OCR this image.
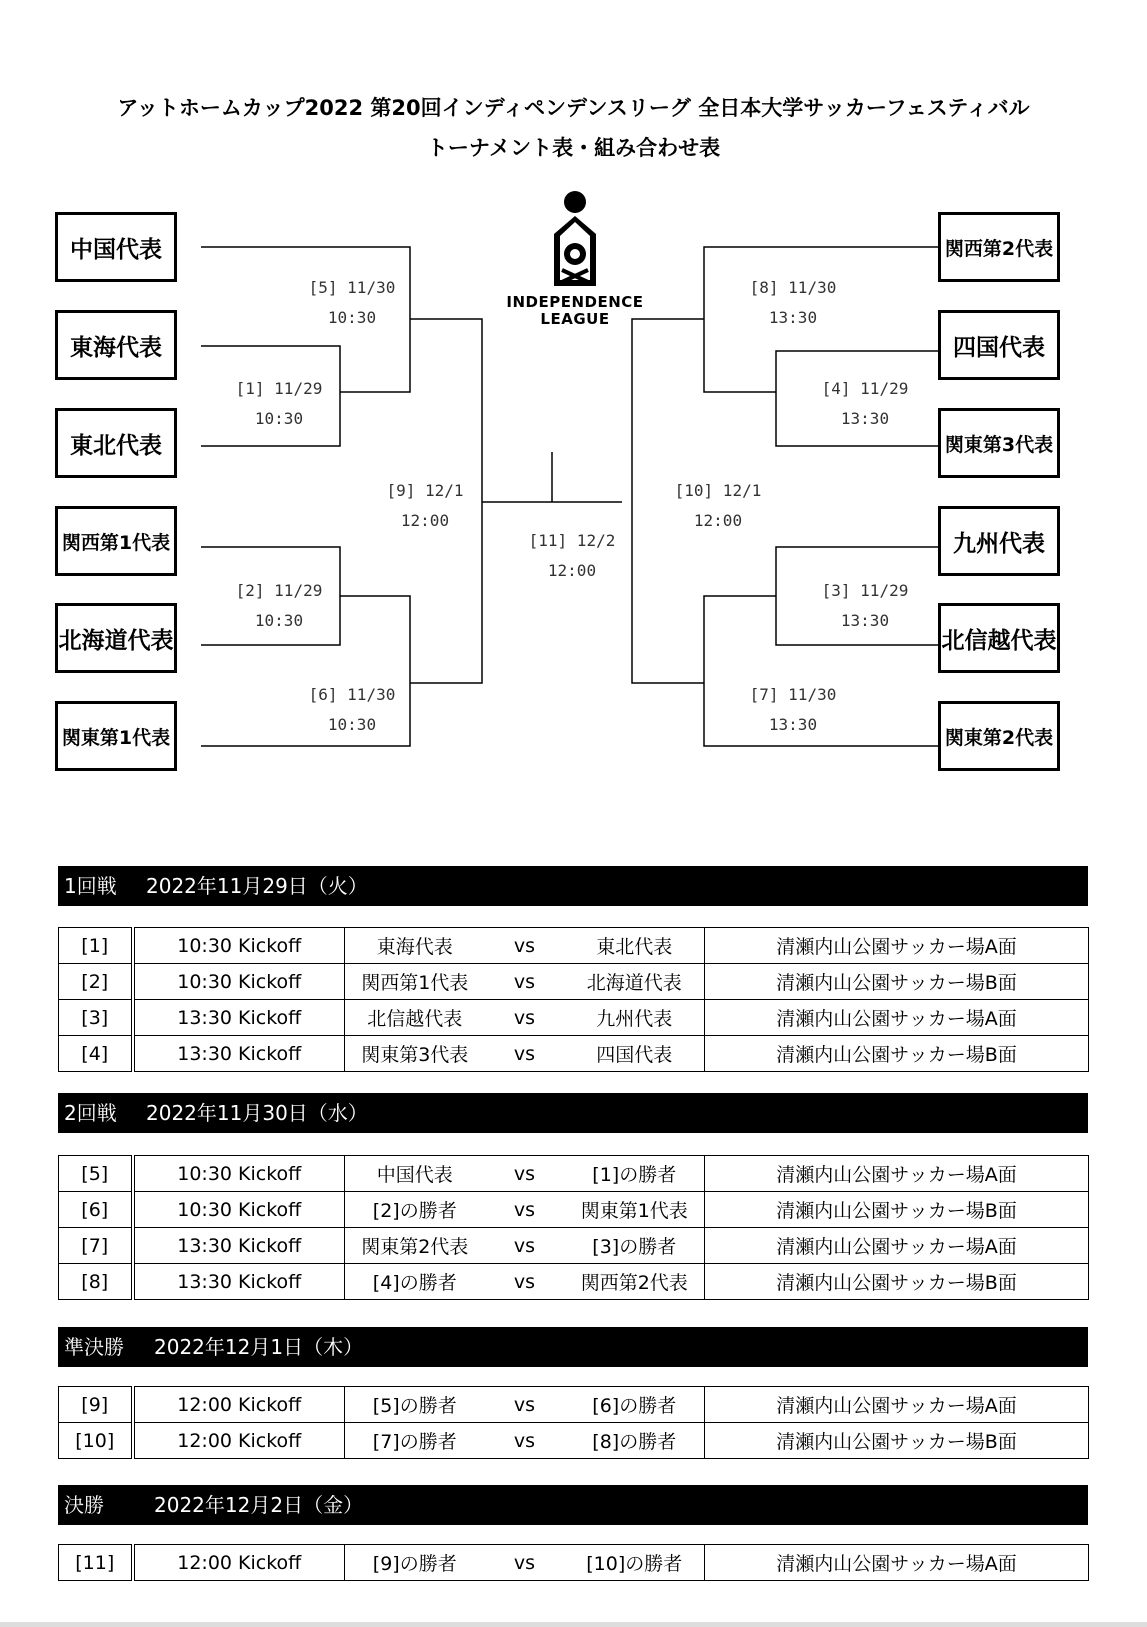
アットホームカップ2022 第20回インディペンデンスリーグ 全日本大学サッカーフェスティバル
トーナメント表・組み合わせ表
INDEPENDENCE
LEAGUE
中国代表
東海代表
東北代表
関西第1代表
北海道代表
関東第1代表
関西第2代表
四国代表
関東第3代表
九州代表
北信越代表
関東第2代表
[5] 11/30
10:30
[1] 11/29
10:30
[2] 11/29
10:30
[6] 11/30
10:30
[9] 12/1
12:00
[11] 12/2
12:00
[10] 12/1
12:00
[8] 11/30
13:30
[4] 11/29
13:30
[3] 11/29
13:30
[7] 11/30
13:30
1回戦 2022年11月29日（火）
[1]	10:30 Kickoff	東海代表	vs	東北代表	清瀬内山公園サッカー場A面
[2]	10:30 Kickoff	関西第1代表	vs	北海道代表	清瀬内山公園サッカー場B面
[3]	13:30 Kickoff	北信越代表	vs	九州代表	清瀬内山公園サッカー場A面
[4]	13:30 Kickoff	関東第3代表	vs	四国代表	清瀬内山公園サッカー場B面
2回戦 2022年11月30日（水）
[5]	10:30 Kickoff	中国代表	vs	[1]の勝者	清瀬内山公園サッカー場A面
[6]	10:30 Kickoff	[2]の勝者	vs	関東第1代表	清瀬内山公園サッカー場B面
[7]	13:30 Kickoff	関東第2代表	vs	[3]の勝者	清瀬内山公園サッカー場A面
[8]	13:30 Kickoff	[4]の勝者	vs	関西第2代表	清瀬内山公園サッカー場B面
準決勝 2022年12月1日（木）
[9]	12:00 Kickoff	[5]の勝者	vs	[6]の勝者	清瀬内山公園サッカー場A面
[10]	12:00 Kickoff	[7]の勝者	vs	[8]の勝者	清瀬内山公園サッカー場B面
決勝	2022年12月2日（金）
[11]	12:00 Kickoff	[9]の勝者	vs	[10]の勝者	清瀬内山公園サッカー場A面
